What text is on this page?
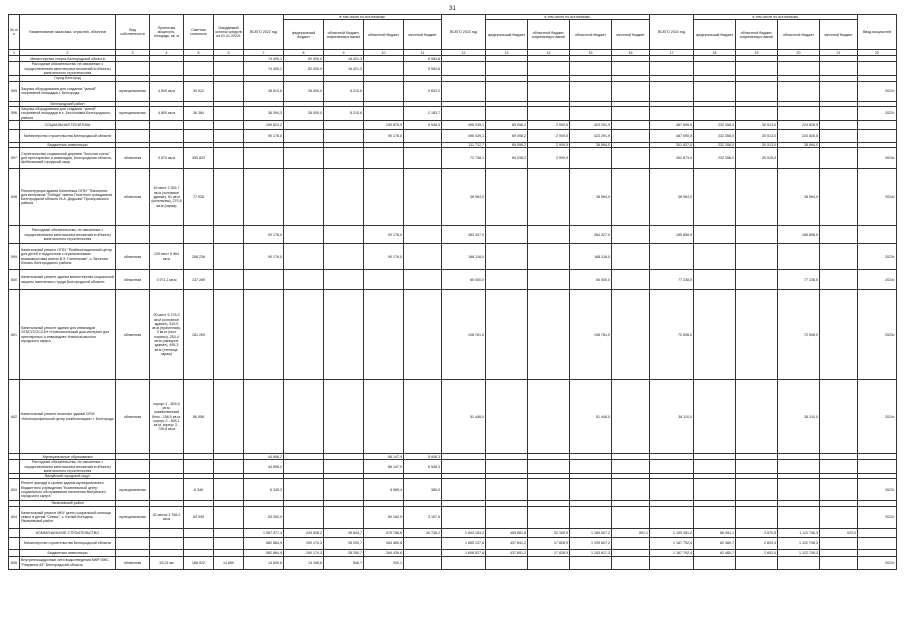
31
№ п/п	Наименование заказчика, отраслей, объектов	Вид собственности	Проектная мощность, площадь, кв. м	Сметная стоимость	Ожидаемый остаток средств на 01.01.2022г.	ВСЕГО 2022 год	в том числе по источникам:				ВСЕГО 2023 год	в том числе по источникам:				ВСЕГО 2024 год	в том числе по источникам:				Ввод мощностей
							федеральный бюджет	областной бюджет, софинансиро-вание	областной бюджет	местный бюджет		федеральный бюджет	областной бюджет, софинансиро-вание	областной бюджет	местный бюджет		федеральный бюджет	областной бюджет, софинансиро-вание	областной бюджет	местный бюджет	
1	2	3	4	5	6	7	8	9	10	11	12	13	14	15	16	17	18	19	20	21	22
	Министерство спорта Белгородской области					74 405,1	52 000,0	16 421,3		5 984,8											
	Расходные обязательства, не связанные с осуществлением капитальных вложений в объекты капитального строительства					74 405,1	52 000,0	16 421,3		5 984,8											
	Город Белгород																				
595	Закупка оборудования для создания "умной" спортивной площадки г. Белгорода	муниципальная	4 800 кв.м	39 512		38 813,8	26 000,0	8 210,6		3 603,2											2022г.
	Белгородский район																				
596	Закупка оборудования для создания "умной" спортивной площадки в с. Бессоновка Белгородского района	муниципальная	4 800 кв.м	36 384		36 394,3	26 000,0	8 210,6		2 183,7											2022г.
	СОЦИАЛЬНАЯ ПОЛИТИКА					199 824,2			193 875,9	5 948,3	496 039,1	89 098,2	2 909,5	423 291,9		487 695,5	232 358,0	30 513,0	224 828,5		
	Министерство строительства Белгородской области					90 178,0			90 178,0		496 039,1	69 098,2	2 909,5	423 291,9		487 695,5	232 358,0	30 513,0	224 828,5		
	Бюджетные инвестиции										111 712,7	69 098,2	2 909,5	38 964,0		301 837,0	232 358,0	30 513,0	38 964,0		
597	Строительство социальной деревни "Золотая осень" для престарелых и инвалидов, Белгородская область, Шебекинский городской округ	областная	3 874 кв.м	395 823							72 748,1	69 038,2	2 909,5			262 873,0	232 358,0	30 515,0			2024г.
598	Реконструкция здания Комплекса ОГБУ "Пансионат для ветеранов "Победа" имени Почетного гражданина Белгородской области М.А. Дедкова" Прохоровского района	областная	49 мест 2 352,7 кв.м (основное здание), 61 кв.м (котельная), 270,5 кв.м (гараж)	77 928							38 964,0			38 964,0		38 964,0			38 964,0		2024г.
	Расходные обязательства, не связанные с осуществлением капитальных вложений в объекты капитального строительства					90 178,0			90 178,0		384 327,0			384 327,0		185 858,5			185 858,5		
599	Капитальный ремонт ОГБУ "Реабилитационный центр для детей и подростков с ограниченными возможностями имени В.З. Глененкова", с. Веселая Лопань Белгородского района	областная	120 мест 5 564 кв.м	258 236		90 178,0			90 178,0		168 118,0			168 118,0							2023г.
600	Капитальный ремонт здания министерства социальной защиты населения и труда Белгородской области	областная	3 971,1 кв.м	137 289							60 000,0			60 000,0		77 238,5			77 238,5		2024г.
601	Капитальный ремонт здания для инвалидов ОГБСУСОССЗН «Новооскольский дом-интернат для престарелых и инвалидов» Новооскольского городского округа	областная	90 мест 5 275,3 кв.м (основное здание), 510,5 кв.м (прачечная), 3 кв.м (пост охраны), 253,4 кв.м (овощное здание), 455,3 кв.м (теплица, гараж)	181 269							108 761,0			108 761,0		72 508,0			72 508,0		2023г.
602	Капитальный ремонт нежилых зданий ОГБУ «Многопрофильный центр реабилитации» г. Белгорода	областная	корпус 1 - 804,6 кв.м, хозяйственный блок - 156,5 кв.м, корпус 2 - 805,1 кв.м, корпус 3 - 728,8 кв.м	56 558							51 448,0			51 448,0		36 110,0			36 110,0		2024г.
	Муниципальные образования					44 696,2			86 147,9	5 948,3											
	Расходные обязательства, не связанные с осуществлением капитальных вложений в объекты капитального строительства					44 696,2			86 147,9	5 948,3											
	Валуйский городской округ																				
603	Ремонт фасада и кровли здания муниципального бюджетного учреждения "Комплексный центр социального обслуживания населения Валуйского городского округа"	муниципальная		6 346		6 345,3			5 965,4	380,0											2022г.
	Яковлевский район																				
604	Капитальный ремонт МБУ центр социальной помощи семье и детям "Семья", с. Белый Колодезь, Яковлевский район	муниципальная	42 места 1 765,2 кв.м	83 939		63 350,0			60 182,5	3 167,5											2022г.
	КОММУНАЛЬНОЕ СТРОИТЕЛЬСТВО					1 087 977,4	443 538,2	35 844,7	575 758,6	40 736,2	1 643 183,3	455 681,8	20 169,9	1 169 607,2	591,1	1 159 351,0	66 491,1	3 870,8	1 112 708,3	920,0	
	Министерство строительства Белгородской области					582 864,9	290 174,3	28 200,7	264 489,6		1 655 127,8	437 841,2	17 828,9	1 199 607,2		1 187 792,4	62 480,7	2 603,4	1 122 708,3		
	Бюджетные инвестиции					582 864,9	290 174,3	28 250,7	264 439,6		1 608 927,8	437 891,2	17 828,9	1 153 617,3		1 187 792,4	62 480,7	2 603,4	1 122 708,3		
605	Внутриплощадочные сети водоотведения МКР ИЖС "Разумное-81" Белгородский область	областная	53,01 км	168 922	14 850	14 640,8	13 168,8	546,7	932,1												2022г.
